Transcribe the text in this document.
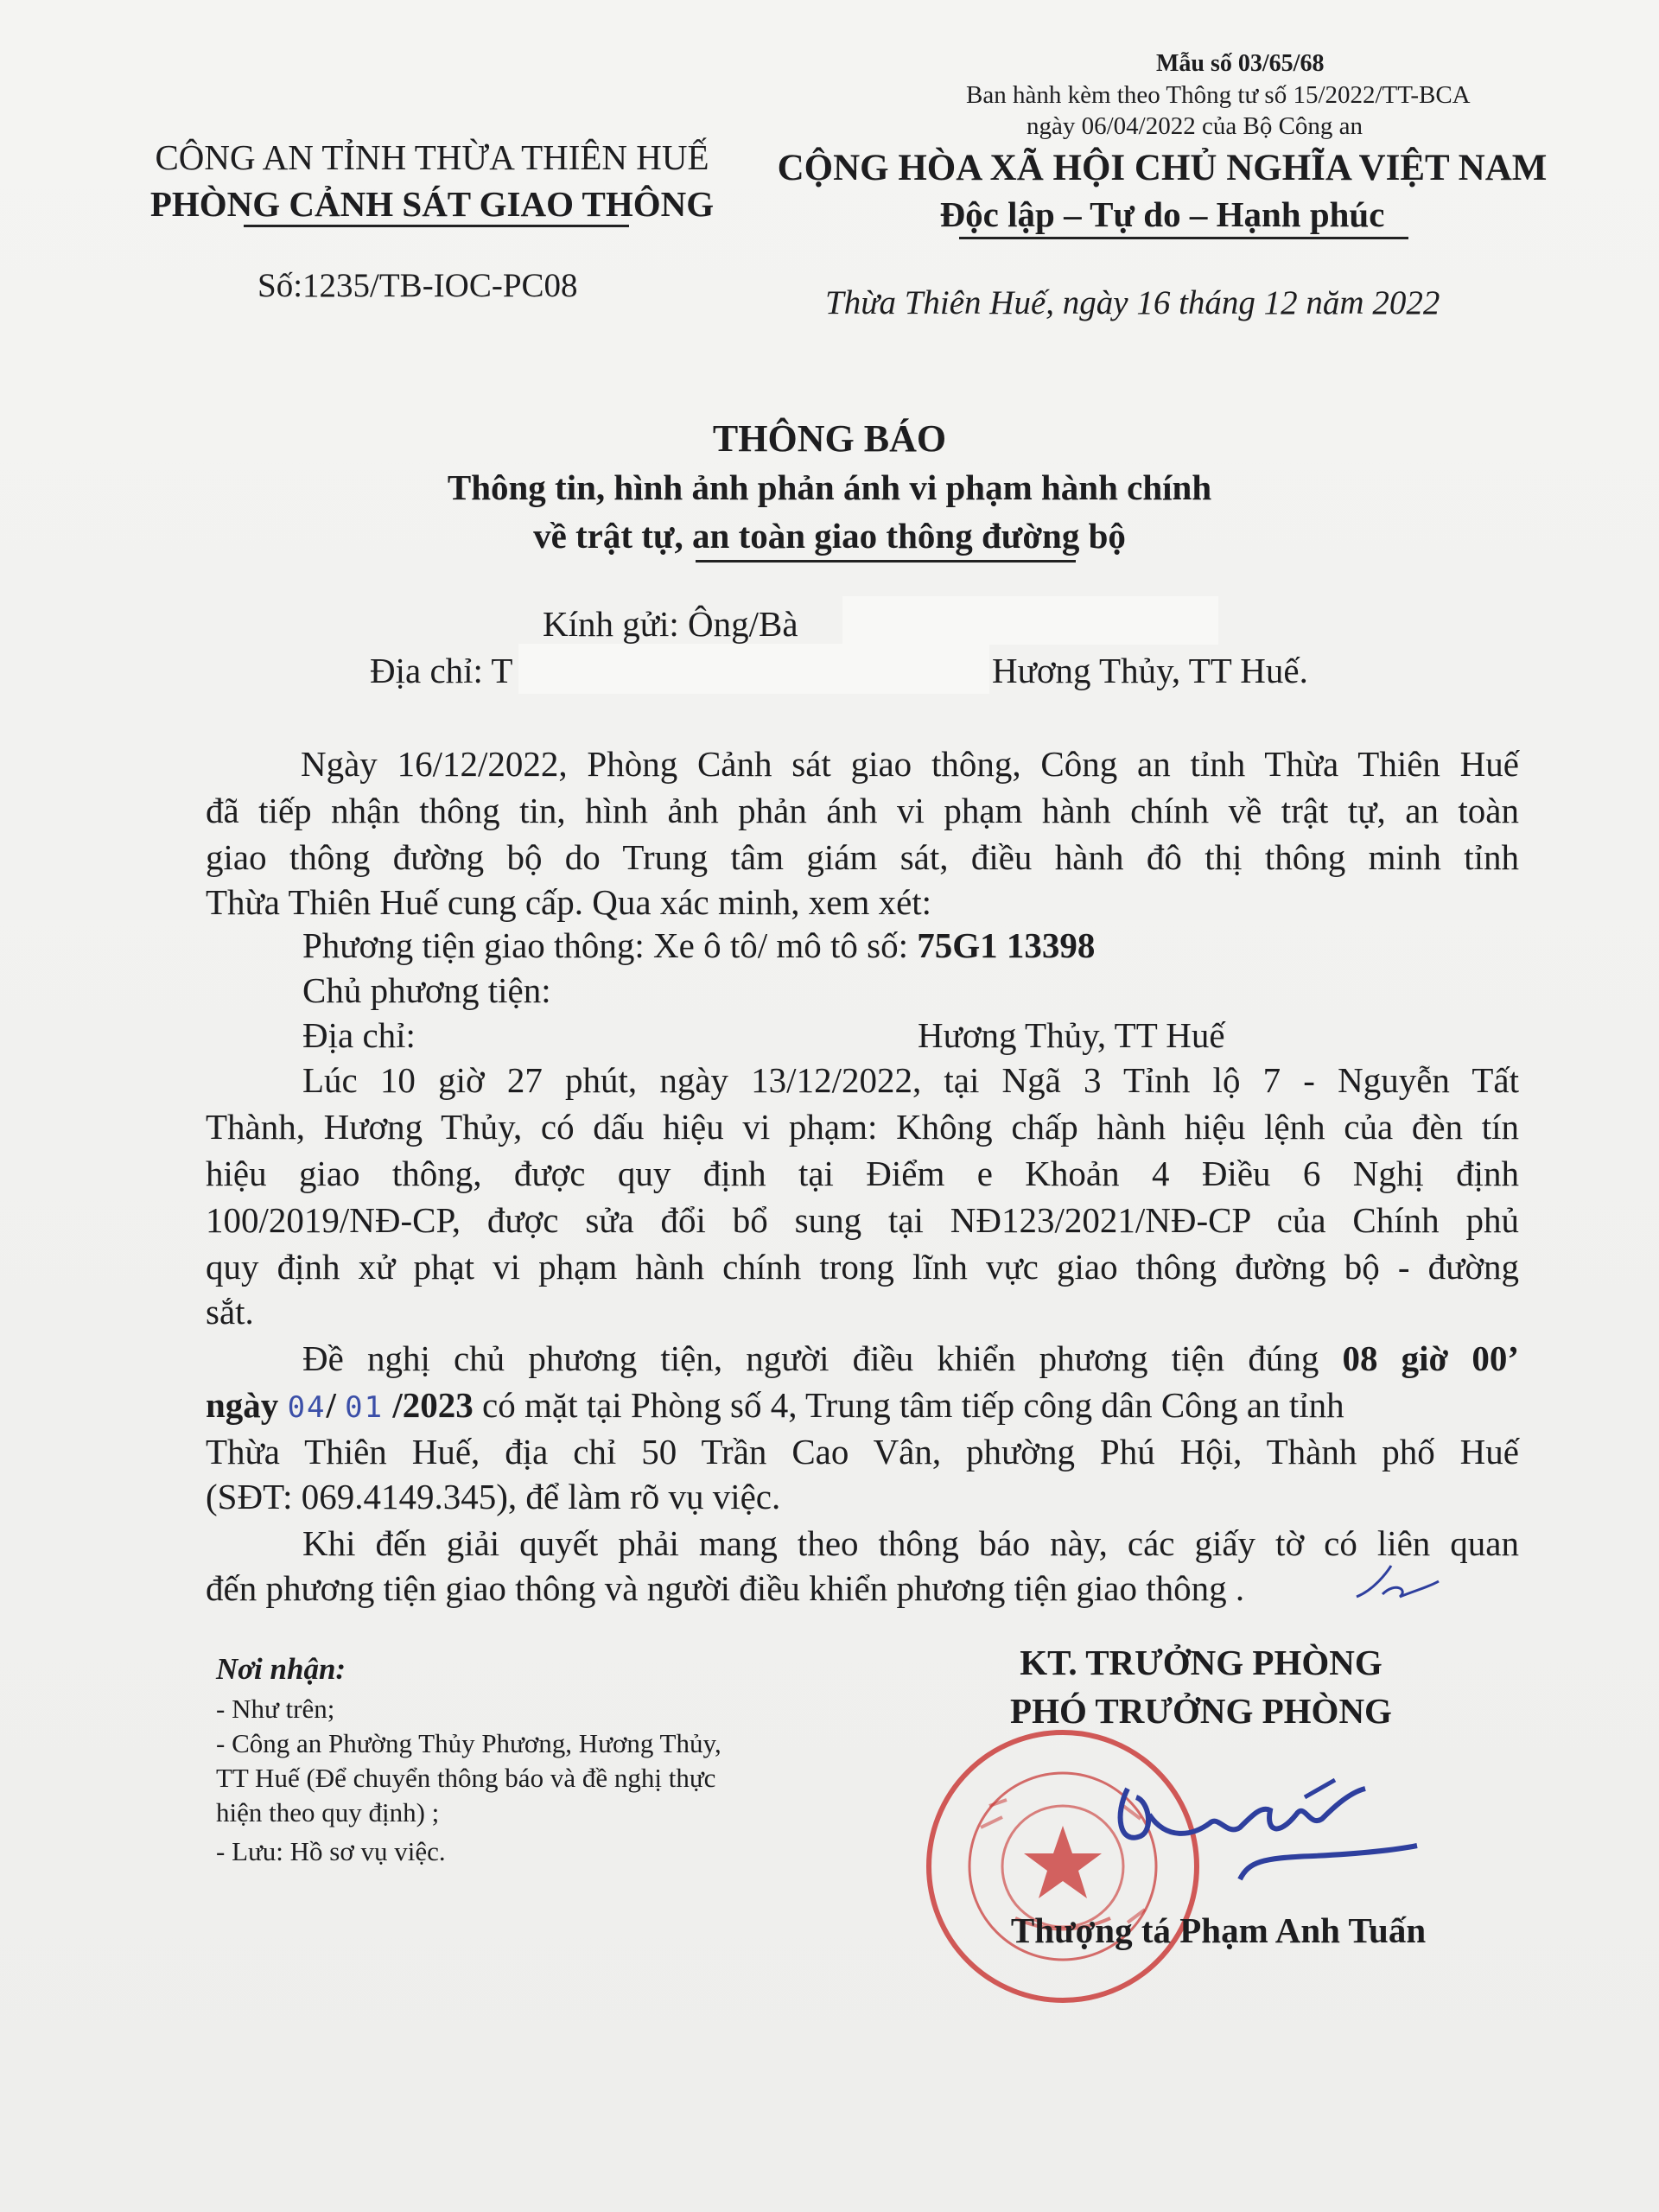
Mẫu số 03/65/68
Ban hành kèm theo Thông tư số 15/2022/TT-BCA
ngày 06/04/2022 của Bộ Công an
CÔNG AN TỈNH THỪA THIÊN HUẾ
PHÒNG CẢNH SÁT GIAO THÔNG
Số:1235/TB-IOC-PC08
CỘNG HÒA XÃ HỘI CHỦ NGHĨA VIỆT NAM
Độc lập – Tự do – Hạnh phúc
Thừa Thiên Huế, ngày 16 tháng 12 năm 2022
THÔNG BÁO
Thông tin, hình ảnh phản ánh vi phạm hành chính
về trật tự, an toàn giao thông đường bộ
Kính gửi: Ông/Bà
Địa chỉ: T	Hương Thủy, TT Huế.
Ngày 16/12/2022, Phòng Cảnh sát giao thông, Công an tỉnh Thừa Thiên Huế
đã tiếp nhận thông tin, hình ảnh phản ánh vi phạm hành chính về trật tự, an toàn
giao thông đường bộ do Trung tâm giám sát, điều hành đô thị thông minh tỉnh
Thừa Thiên Huế cung cấp. Qua xác minh, xem xét:
Phương tiện giao thông: Xe ô tô/ mô tô số: 75G1 13398
Chủ phương tiện:
Địa chỉ:	Hương Thủy, TT Huế
Lúc 10 giờ 27 phút, ngày 13/12/2022, tại Ngã 3 Tỉnh lộ 7 - Nguyễn Tất
Thành, Hương Thủy, có dấu hiệu vi phạm: Không chấp hành hiệu lệnh của đèn tín
hiệu giao thông, được quy định tại Điểm e Khoản 4 Điều 6 Nghị định
100/2019/NĐ-CP, được sửa đổi bổ sung tại NĐ123/2021/NĐ-CP của Chính phủ
quy định xử phạt vi phạm hành chính trong lĩnh vực giao thông đường bộ - đường
sắt.
Đề nghị chủ phương tiện, người điều khiển phương tiện đúng 08 giờ 00’
ngày 04/ 01 /2023 có mặt tại Phòng số 4, Trung tâm tiếp công dân Công an tỉnh
Thừa Thiên Huế, địa chỉ 50 Trần Cao Vân, phường Phú Hội, Thành phố Huế
(SĐT: 069.4149.345), để làm rõ vụ việc.
Khi đến giải quyết phải mang theo thông báo này, các giấy tờ có liên quan
đến phương tiện giao thông và người điều khiển phương tiện giao thông .
Nơi nhận:
- Như trên;
- Công an Phường Thủy Phương, Hương Thủy,
TT Huế (Để chuyển thông báo và đề nghị thực
hiện theo quy định) ;
- Lưu: Hồ sơ vụ việc.
KT. TRƯỞNG PHÒNG
PHÓ TRƯỞNG PHÒNG
Thượng tá Phạm Anh Tuấn
